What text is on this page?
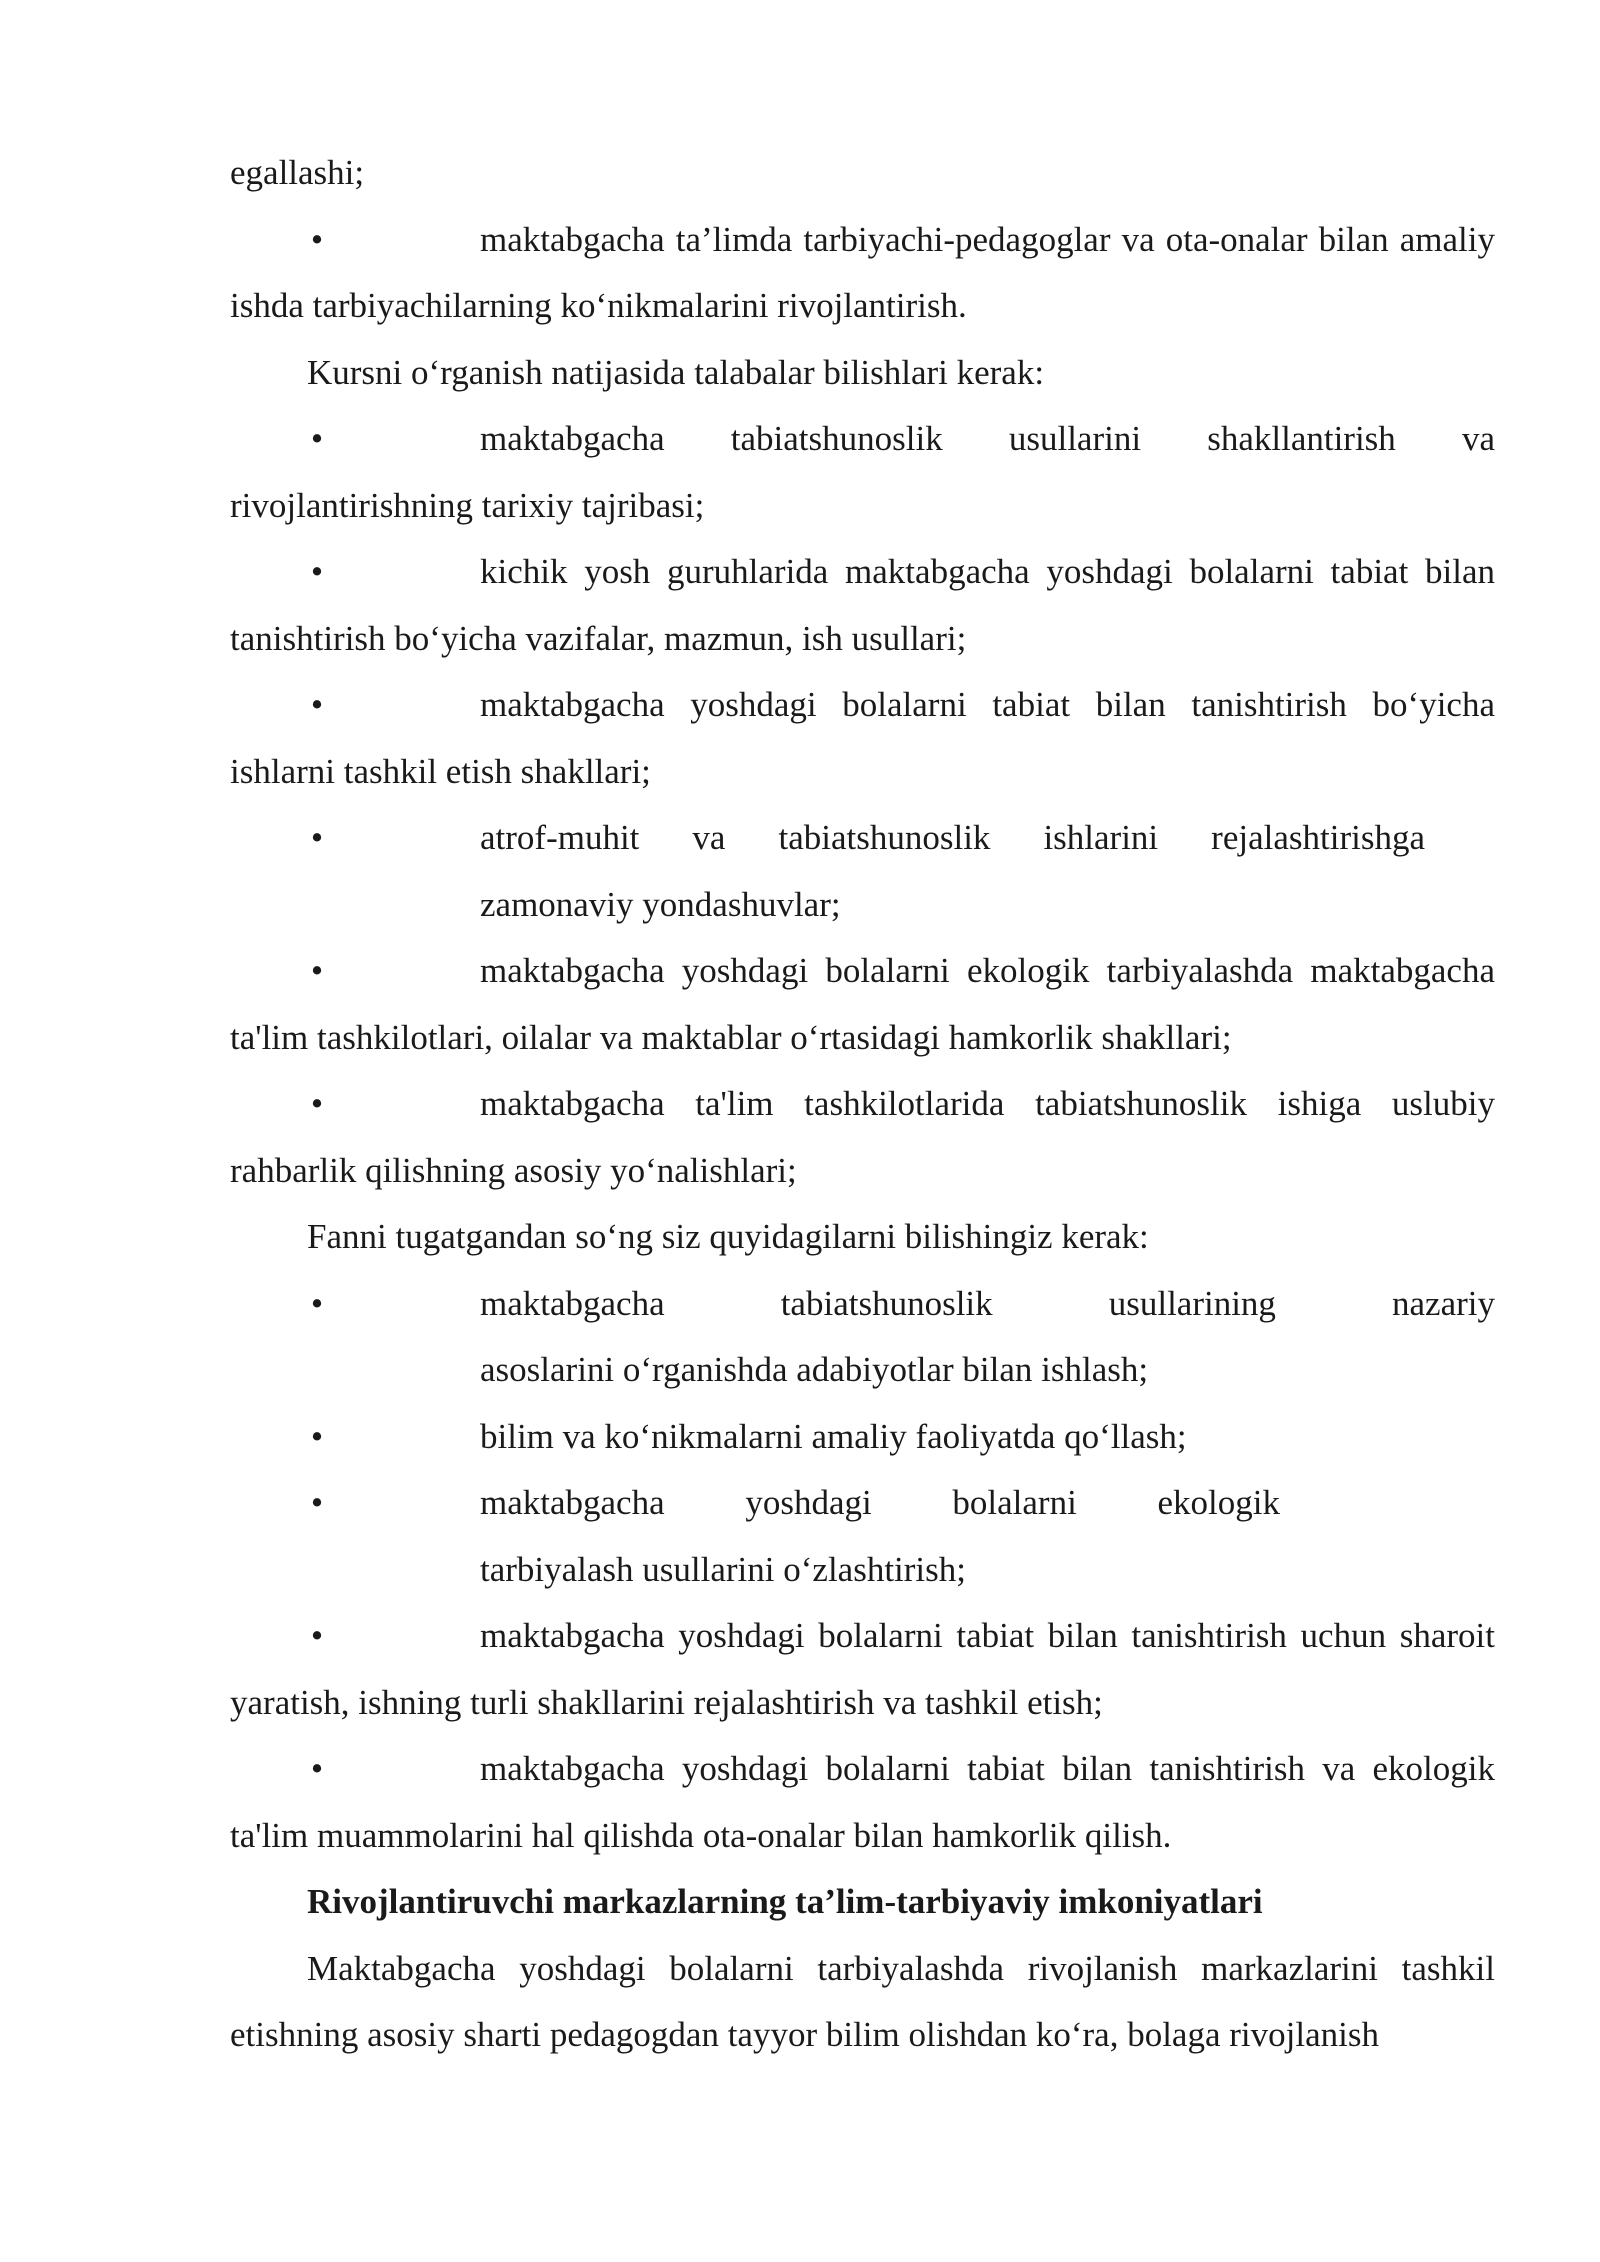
egallashi;

•	maktabgacha ta’limda tarbiyachi-pedagoglar va ota-onalar bilan amaliy ishda tarbiyachilarning ko‘nikmalarini rivojlantirish.

Kursni o‘rganish natijasida talabalar bilishlari kerak:

•	maktabgacha tabiatshunoslik usullarini shakllantirish va rivojlantirishning tarixiy tajribasi;

•	kichik yosh guruhlarida maktabgacha yoshdagi bolalarni tabiat bilan tanishtirish bo‘yicha vazifalar, mazmun, ish usullari;

•	maktabgacha yoshdagi bolalarni tabiat bilan tanishtirish bo‘yicha ishlarni tashkil etish shakllari;

•	atrof-muhit va tabiatshunoslik ishlarini rejalashtirishga
zamonaviy yondashuvlar;

•	maktabgacha yoshdagi bolalarni ekologik tarbiyalashda maktabgacha ta'lim tashkilotlari, oilalar va maktablar o‘rtasidagi hamkorlik shakllari;

•	maktabgacha ta'lim tashkilotlarida tabiatshunoslik ishiga uslubiy rahbarlik qilishning asosiy yo‘nalishlari;

Fanni tugatgandan so‘ng siz quyidagilarni bilishingiz kerak:

•	maktabgacha tabiatshunoslik usullarining nazariy
asoslarini o‘rganishda adabiyotlar bilan ishlash;

•	bilim va ko‘nikmalarni amaliy faoliyatda qo‘llash;

•	maktabgacha yoshdagi bolalarni ekologik
tarbiyalash usullarini o‘zlashtirish;

•	maktabgacha yoshdagi bolalarni tabiat bilan tanishtirish uchun sharoit yaratish, ishning turli shakllarini rejalashtirish va tashkil etish;

•	maktabgacha yoshdagi bolalarni tabiat bilan tanishtirish va ekologik ta'lim muammolarini hal qilishda ota-onalar bilan hamkorlik qilish.

Rivojlantiruvchi markazlarning ta’lim-tarbiyaviy imkoniyatlari

Maktabgacha yoshdagi bolalarni tarbiyalashda rivojlanish markazlarini tashkil etishning asosiy sharti pedagogdan tayyor bilim olishdan ko‘ra, bolaga rivojlanish
